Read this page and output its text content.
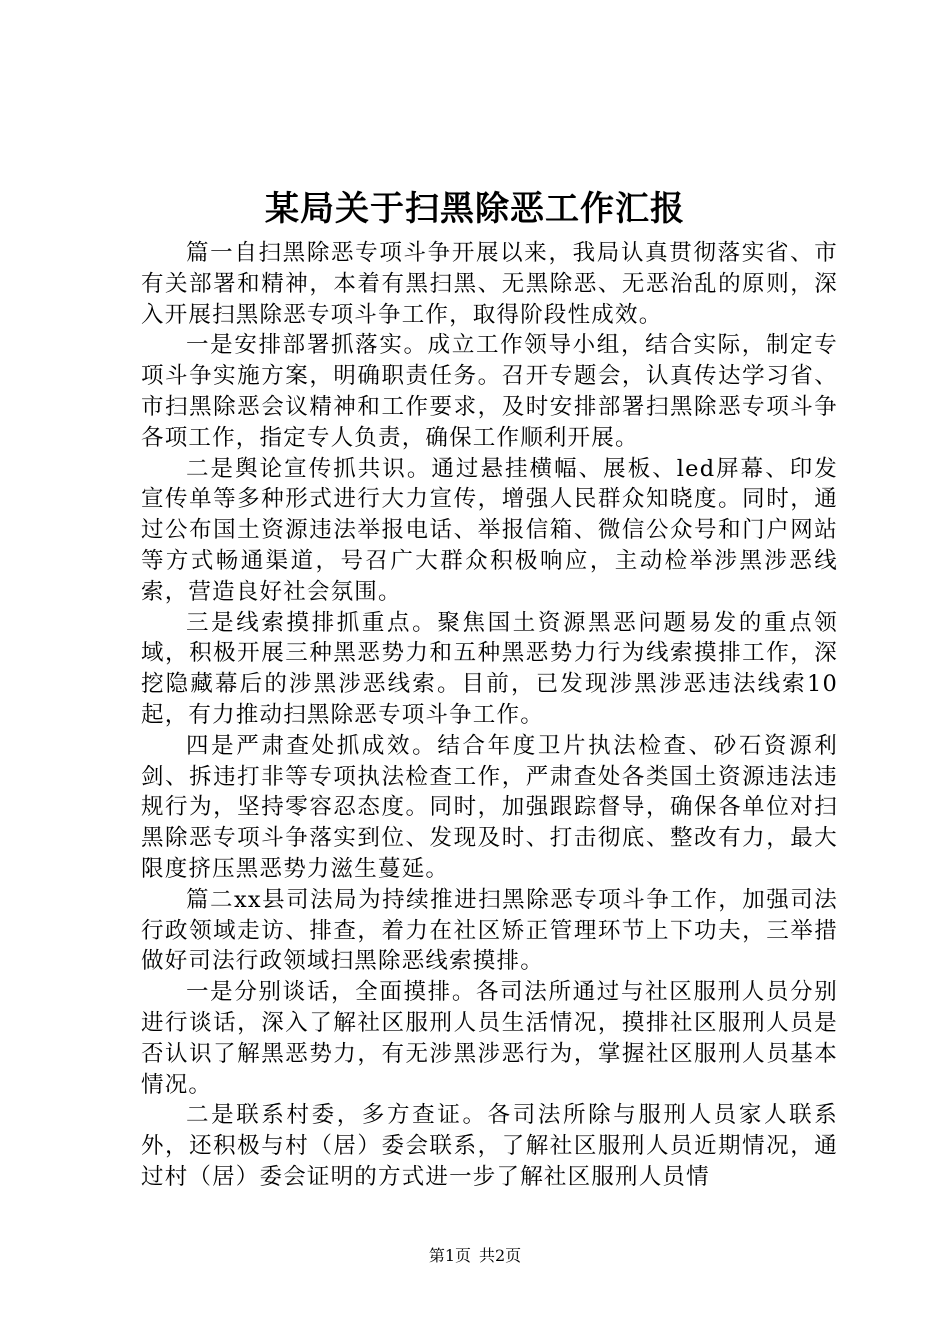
某局关于扫黑除恶工作汇报

篇一自扫黑除恶专项斗争开展以来，我局认真贯彻落实省、市有关部署和精神，本着有黑扫黑、无黑除恶、无恶治乱的原则，深入开展扫黑除恶专项斗争工作，取得阶段性成效。

一是安排部署抓落实。成立工作领导小组，结合实际，制定专项斗争实施方案，明确职责任务。召开专题会，认真传达学习省、市扫黑除恶会议精神和工作要求，及时安排部署扫黑除恶专项斗争各项工作，指定专人负责，确保工作顺利开展。

二是舆论宣传抓共识。通过悬挂横幅、展板、led屏幕、印发宣传单等多种形式进行大力宣传，增强人民群众知晓度。同时，通过公布国土资源违法举报电话、举报信箱、微信公众号和门户网站等方式畅通渠道，号召广大群众积极响应，主动检举涉黑涉恶线索，营造良好社会氛围。

三是线索摸排抓重点。聚焦国土资源黑恶问题易发的重点领域，积极开展三种黑恶势力和五种黑恶势力行为线索摸排工作，深挖隐藏幕后的涉黑涉恶线索。目前，已发现涉黑涉恶违法线索10起，有力推动扫黑除恶专项斗争工作。

四是严肃查处抓成效。结合年度卫片执法检查、砂石资源利剑、拆违打非等专项执法检查工作，严肃查处各类国土资源违法违规行为，坚持零容忍态度。同时，加强跟踪督导，确保各单位对扫黑除恶专项斗争落实到位、发现及时、打击彻底、整改有力，最大限度挤压黑恶势力滋生蔓延。

篇二xx县司法局为持续推进扫黑除恶专项斗争工作，加强司法行政领域走访、排查，着力在社区矫正管理环节上下功夫，三举措做好司法行政领域扫黑除恶线索摸排。

一是分别谈话，全面摸排。各司法所通过与社区服刑人员分别进行谈话，深入了解社区服刑人员生活情况，摸排社区服刑人员是否认识了解黑恶势力，有无涉黑涉恶行为，掌握社区服刑人员基本情况。

二是联系村委，多方查证。各司法所除与服刑人员家人联系外，还积极与村（居）委会联系，了解社区服刑人员近期情况，通过村（居）委会证明的方式进一步了解社区服刑人员情

第1页 共2页
